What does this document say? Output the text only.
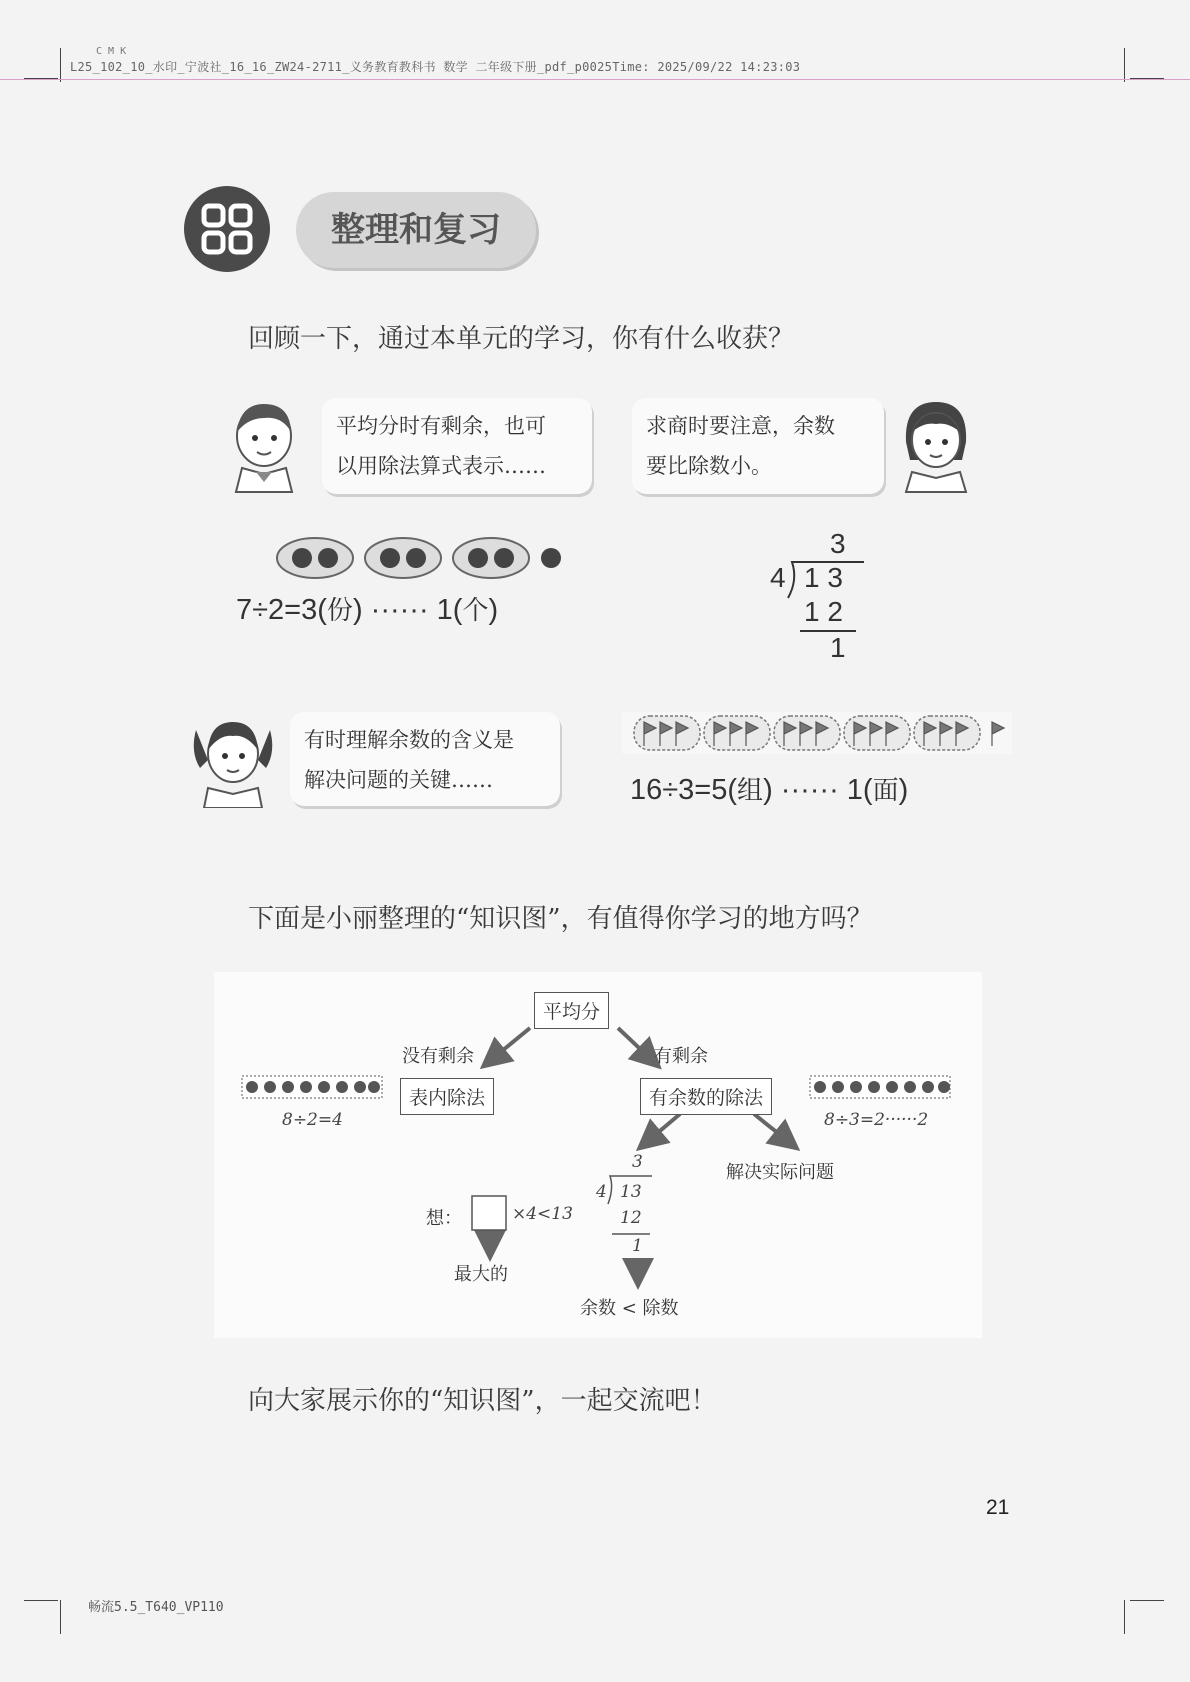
C M K
L25_102_10_水印_宁波社_16_16_ZW24-2711_义务教育教科书 数学 二年级下册_pdf_p0025Time: 2025/09/22 14:23:03
整理和复习
回顾一下，通过本单元的学习，你有什么收获？
平均分时有剩余，也可
以用除法算式表示……
求商时要注意，余数
要比除数小。
7÷2=3(份) ······ 1(个)
3
4 1 3
1 2
1
有时理解余数的含义是
解决问题的关键……	16÷3=5(组) ······ 1(面)
下面是小丽整理的“知识图”，有值得你学习的地方吗？
平均分
没有剩余	有剩余
表内除法	有余数的除法
8÷2=4	8÷3=2······2
解决实际问题
想：	×4<13
最大的
3
4 13
12
1
余数 < 除数
向大家展示你的“知识图”，一起交流吧！
21
畅流5.5_T640_VP110
